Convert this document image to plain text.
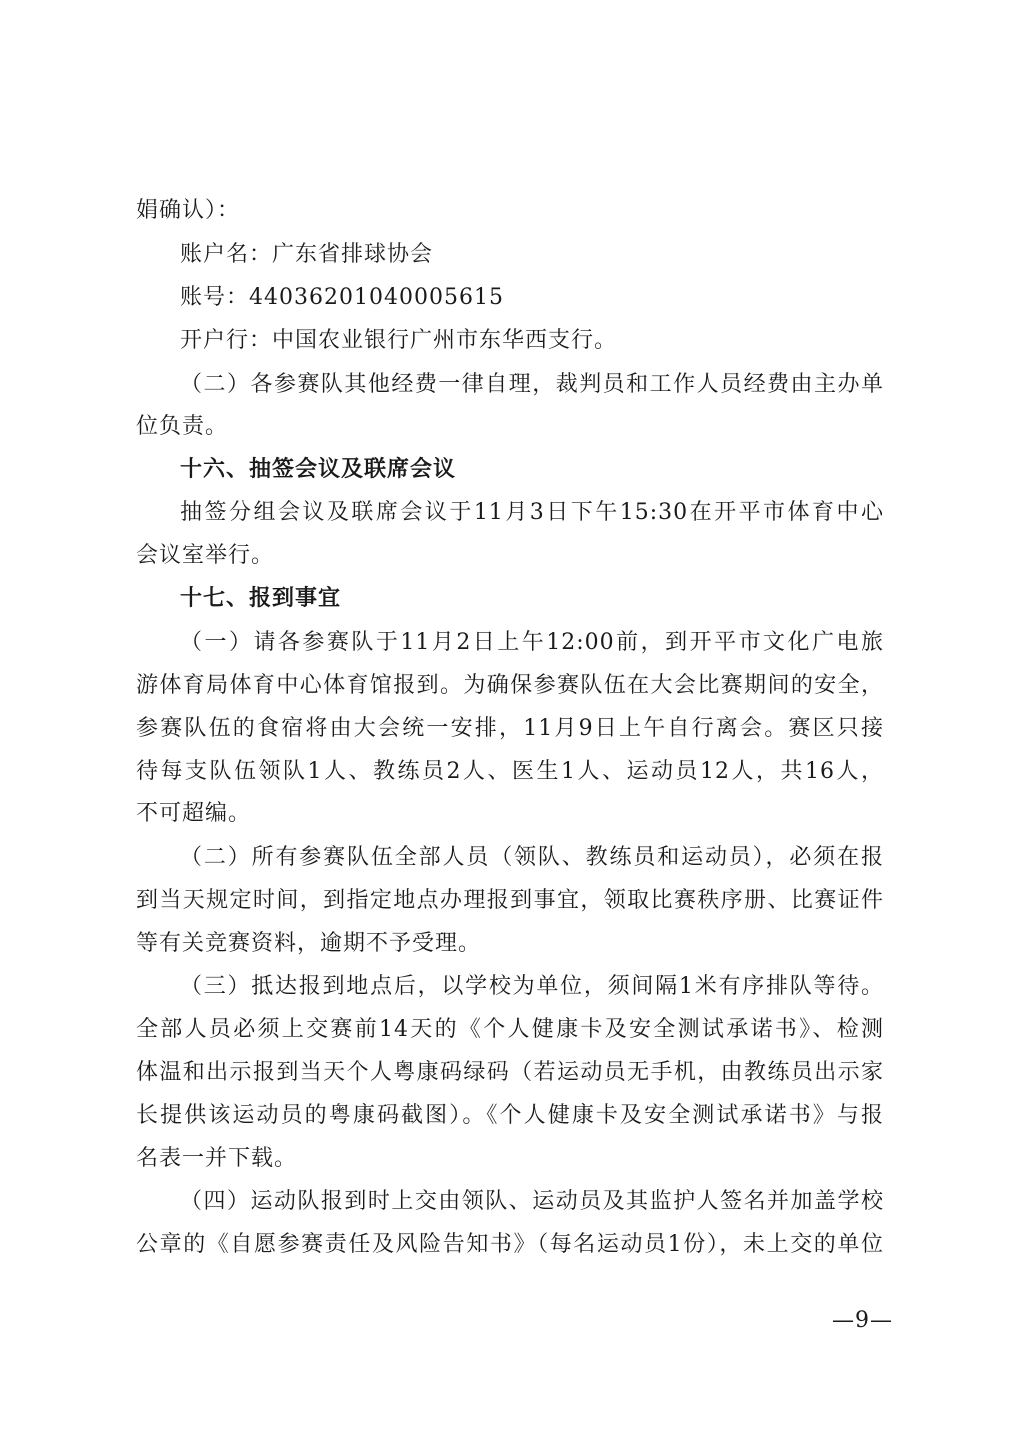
娟确认）：
账户名：广东省排球协会
账号：44036201040005615
开户行：中国农业银行广州市东华西支行。
（二）各参赛队其他经费一律自理，裁判员和工作人员经费由主办单
位负责。
十六、抽签会议及联席会议
抽签分组会议及联席会议于11月3日下午15:30在开平市体育中心
会议室举行。
十七、报到事宜
（一）请各参赛队于11月2日上午12:00前，到开平市文化广电旅
游体育局体育中心体育馆报到。为确保参赛队伍在大会比赛期间的安全，
参赛队伍的食宿将由大会统一安排，11月9日上午自行离会。赛区只接
待每支队伍领队1人、教练员2人、医生1人、运动员12人，共16人，
不可超编。
（二）所有参赛队伍全部人员（领队、教练员和运动员），必须在报
到当天规定时间，到指定地点办理报到事宜，领取比赛秩序册、比赛证件
等有关竞赛资料，逾期不予受理。
（三）抵达报到地点后，以学校为单位，须间隔1米有序排队等待。
全部人员必须上交赛前14天的《个人健康卡及安全测试承诺书》、检测
体温和出示报到当天个人粤康码绿码（若运动员无手机，由教练员出示家
长提供该运动员的粤康码截图）。《个人健康卡及安全测试承诺书》与报
名表一并下载。
（四）运动队报到时上交由领队、运动员及其监护人签名并加盖学校
公章的《自愿参赛责任及风险告知书》（每名运动员1份），未上交的单位
—9—
